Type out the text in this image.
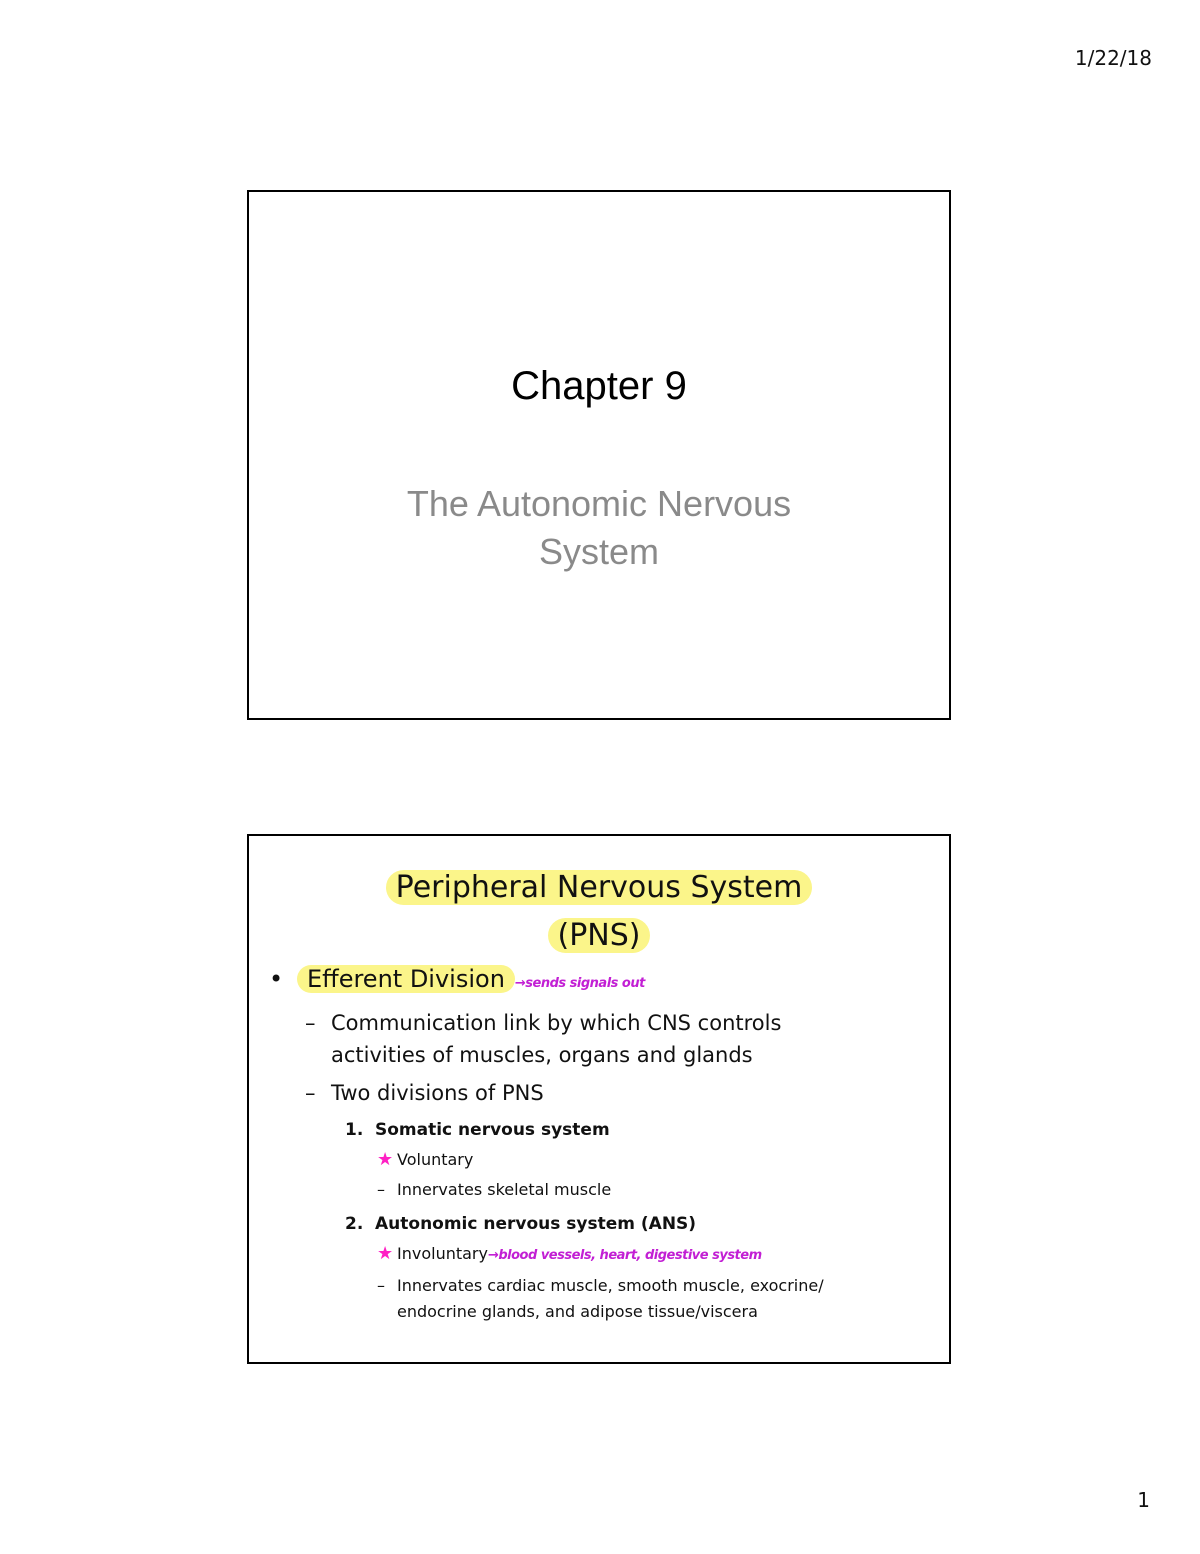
1/22/18
Chapter 9
The Autonomic Nervous
System
Peripheral Nervous System
(PNS)
• Efferent Division →sends signals out
– Communication link by which CNS controls
activities of muscles, organs and glands
– Two divisions of PNS
1. Somatic nervous system
★ Voluntary
– Innervates skeletal muscle
2. Autonomic nervous system (ANS)
★ Involuntary→blood vessels, heart, digestive system
– Innervates cardiac muscle, smooth muscle, exocrine/
endocrine glands, and adipose tissue/viscera
1
